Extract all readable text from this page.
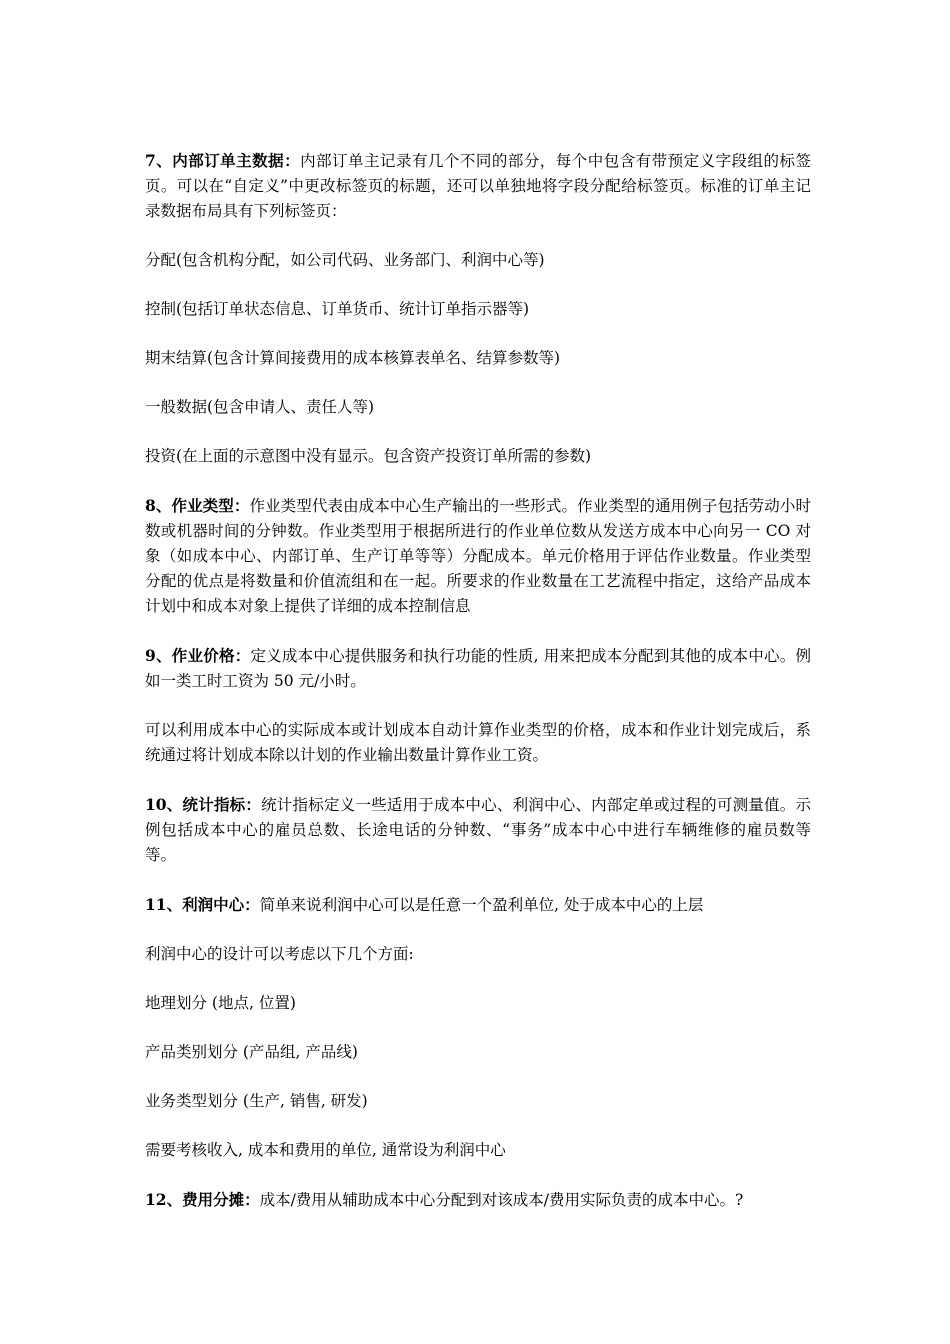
7、内部订单主数据：内部订单主记录有几个不同的部分，每个中包含有带预定义字段组的标签页。可以在“自定义”中更改标签页的标题，还可以单独地将字段分配给标签页。标准的订单主记录数据布局具有下列标签页：

分配(包含机构分配，如公司代码、业务部门、利润中心等)

控制(包括订单状态信息、订单货币、统计订单指示器等)

期末结算(包含计算间接费用的成本核算表单名、结算参数等)

一般数据(包含申请人、责任人等)

投资(在上面的示意图中没有显示。包含资产投资订单所需的参数)

8、作业类型：作业类型代表由成本中心生产输出的一些形式。作业类型的通用例子包括劳动小时数或机器时间的分钟数。作业类型用于根据所进行的作业单位数从发送方成本中心向另一 CO 对象（如成本中心、内部订单、生产订单等等）分配成本。单元价格用于评估作业数量。作业类型分配的优点是将数量和价值流组和在一起。所要求的作业数量在工艺流程中指定，这给产品成本计划中和成本对象上提供了详细的成本控制信息

9、作业价格：定义成本中心提供服务和执行功能的性质, 用来把成本分配到其他的成本中心。例如一类工时工资为 50 元/小时。

可以利用成本中心的实际成本或计划成本自动计算作业类型的价格，成本和作业计划完成后，系统通过将计划成本除以计划的作业输出数量计算作业工资。

10、统计指标：统计指标定义一些适用于成本中心、利润中心、内部定单或过程的可测量值。示例包括成本中心的雇员总数、长途电话的分钟数、“事务”成本中心中进行车辆维修的雇员数等等。

11、利润中心：简单来说利润中心可以是任意一个盈利单位, 处于成本中心的上层

利润中心的设计可以考虑以下几个方面:

地理划分 (地点, 位置)

产品类别划分 (产品组, 产品线)

业务类型划分 (生产, 销售, 研发)

需要考核收入, 成本和费用的单位, 通常设为利润中心

12、费用分摊：成本/费用从辅助成本中心分配到对该成本/费用实际负责的成本中心。?
